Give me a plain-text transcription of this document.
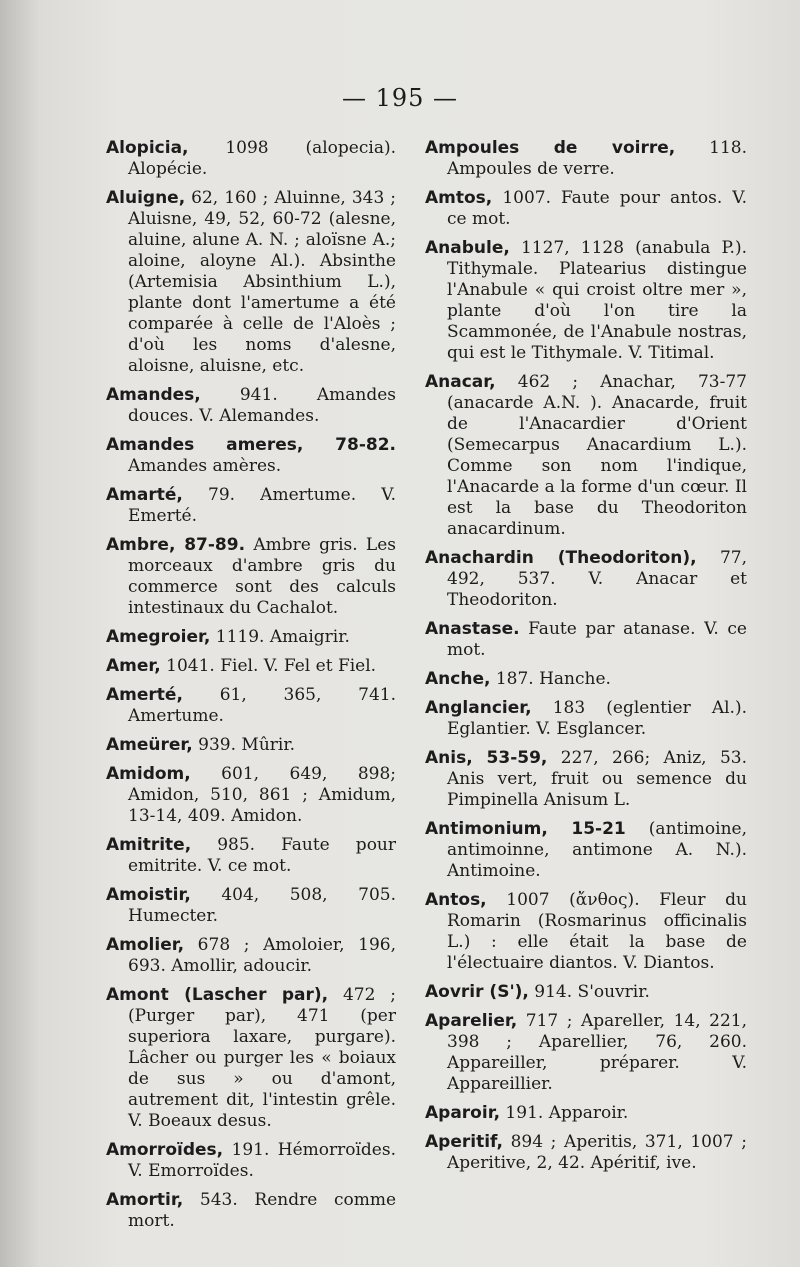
— 195 —

Alopicia, 1098 (alopecia). Alopécie.

Aluigne, 62, 160 ; Aluinne, 343 ; Aluisne, 49, 52, 60-72 (alesne, aluine, alune A. N. ; aloïsne A.; aloine, aloyne Al.). Absinthe (Artemisia Absinthium L.), plante dont l'amertume a été comparée à celle de l'Aloès ; d'où les noms d'alesne, aloisne, aluisne, etc.

Amandes, 941. Amandes douces. V. Alemandes.

Amandes ameres, 78-82. Amandes amères.

Amarté, 79. Amertume. V. Emerté.

Ambre, 87-89. Ambre gris. Les morceaux d'ambre gris du commerce sont des calculs intestinaux du Cachalot.

Amegroier, 1119. Amaigrir.

Amer, 1041. Fiel. V. Fel et Fiel.

Amerté, 61, 365, 741. Amertume.

Ameürer, 939. Mûrir.

Amidom, 601, 649, 898; Amidon, 510, 861 ; Amidum, 13-14, 409. Amidon.

Amitrite, 985. Faute pour emitrite. V. ce mot.

Amoistir, 404, 508, 705. Humecter.

Amolier, 678 ; Amoloier, 196, 693. Amollir, adoucir.

Amont (Lascher par), 472 ; (Purger par), 471 (per superiora laxare, purgare). Lâcher ou purger les « boiaux de sus » ou d'amont, autrement dit, l'intestin grêle. V. Boeaux desus.

Amorroïdes, 191. Hémorroïdes. V. Emorroïdes.

Amortir, 543. Rendre comme mort.

Ampoules de voirre, 118. Ampoules de verre.

Amtos, 1007. Faute pour antos. V. ce mot.

Anabule, 1127, 1128 (anabula P.). Tithymale. Platearius distingue l'Anabule « qui croist oltre mer », plante d'où l'on tire la Scammonée, de l'Anabule nostras, qui est le Tithymale. V. Titimal.

Anacar, 462 ; Anachar, 73-77 (anacarde A.N. ). Anacarde, fruit de l'Anacardier d'Orient (Semecarpus Anacardium L.). Comme son nom l'indique, l'Anacarde a la forme d'un cœur. Il est la base du Theodoriton anacardinum.

Anachardin (Theodoriton), 77, 492, 537. V. Anacar et Theodoriton.

Anastase. Faute par atanase. V. ce mot.

Anche, 187. Hanche.

Anglancier, 183 (eglentier Al.). Eglantier. V. Esglancer.

Anis, 53-59, 227, 266; Aniz, 53. Anis vert, fruit ou semence du Pimpinella Anisum L.

Antimonium, 15-21 (antimoine, antimoinne, antimone A. N.). Antimoine.

Antos, 1007 (ἄνθος). Fleur du Romarin (Rosmarinus officinalis L.) : elle était la base de l'électuaire diantos. V. Diantos.

Aovrir (S'), 914. S'ouvrir.

Aparelier, 717 ; Apareller, 14, 221, 398 ; Aparellier, 76, 260. Appareiller, préparer. V. Appareillier.

Aparoir, 191. Apparoir.

Aperitif, 894 ; Aperitis, 371, 1007 ; Aperitive, 2, 42. Apéritif, ive.
